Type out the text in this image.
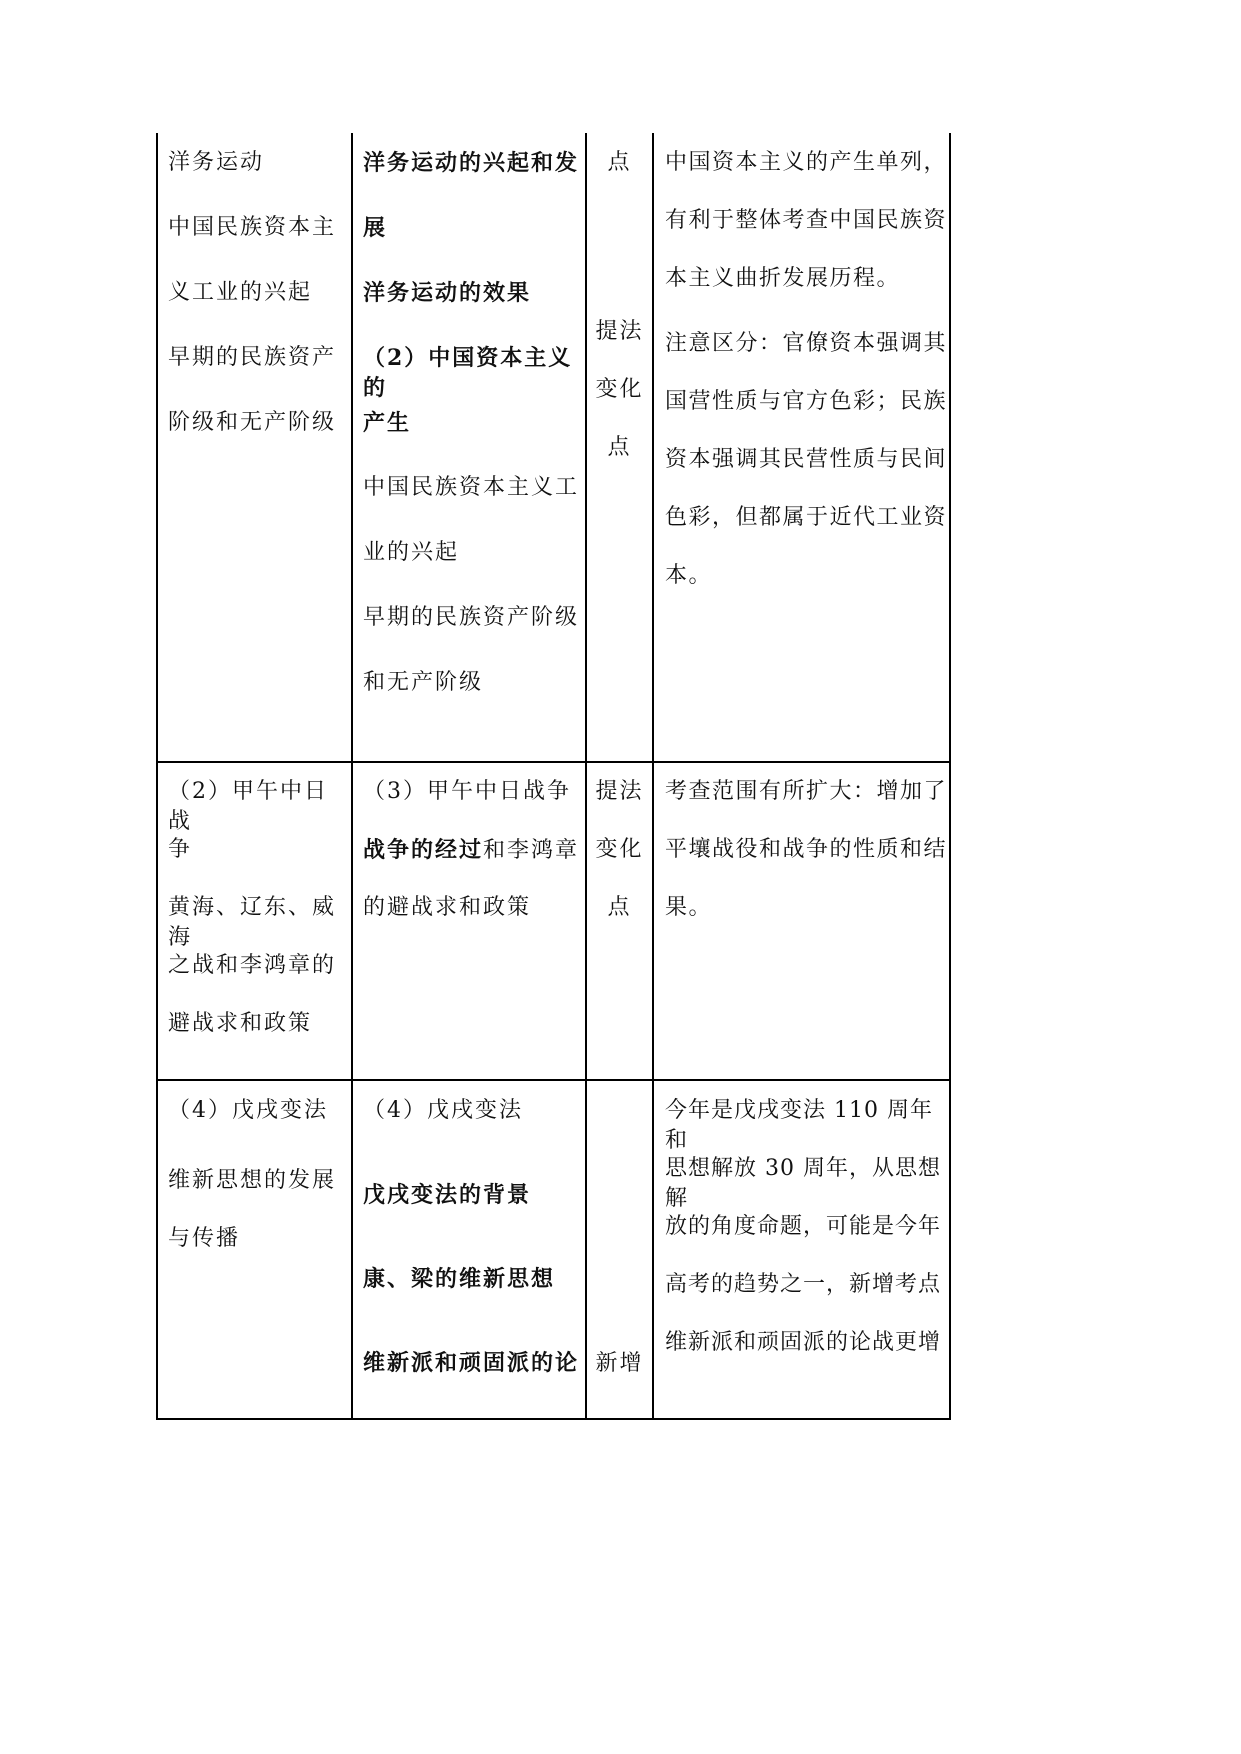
洋务运动
中国民族资本主
义工业的兴起
早期的民族资产
阶级和无产阶级
洋务运动的兴起和发
展
洋务运动的效果
（2）中国资本主义的
产生
中国民族资本主义工
业的兴起
早期的民族资产阶级
和无产阶级
点
提法
变化
点
中国资本主义的产生单列，
有利于整体考查中国民族资
本主义曲折发展历程。
注意区分：官僚资本强调其
国营性质与官方色彩；民族
资本强调其民营性质与民间
色彩，但都属于近代工业资
本。
（2）甲午中日战
争
黄海、辽东、威海
之战和李鸿章的
避战求和政策
（3）甲午中日战争
战争的经过和李鸿章
的避战求和政策
提法
变化
点
考查范围有所扩大：增加了
平壤战役和战争的性质和结
果。
（4）戊戌变法
维新思想的发展
与传播
（4）戊戌变法
戊戌变法的背景
康、梁的维新思想
维新派和顽固派的论 新增
今年是戊戌变法 110 周年和
思想解放 30 周年，从思想解
放的角度命题，可能是今年
高考的趋势之一，新增考点
维新派和顽固派的论战更增
